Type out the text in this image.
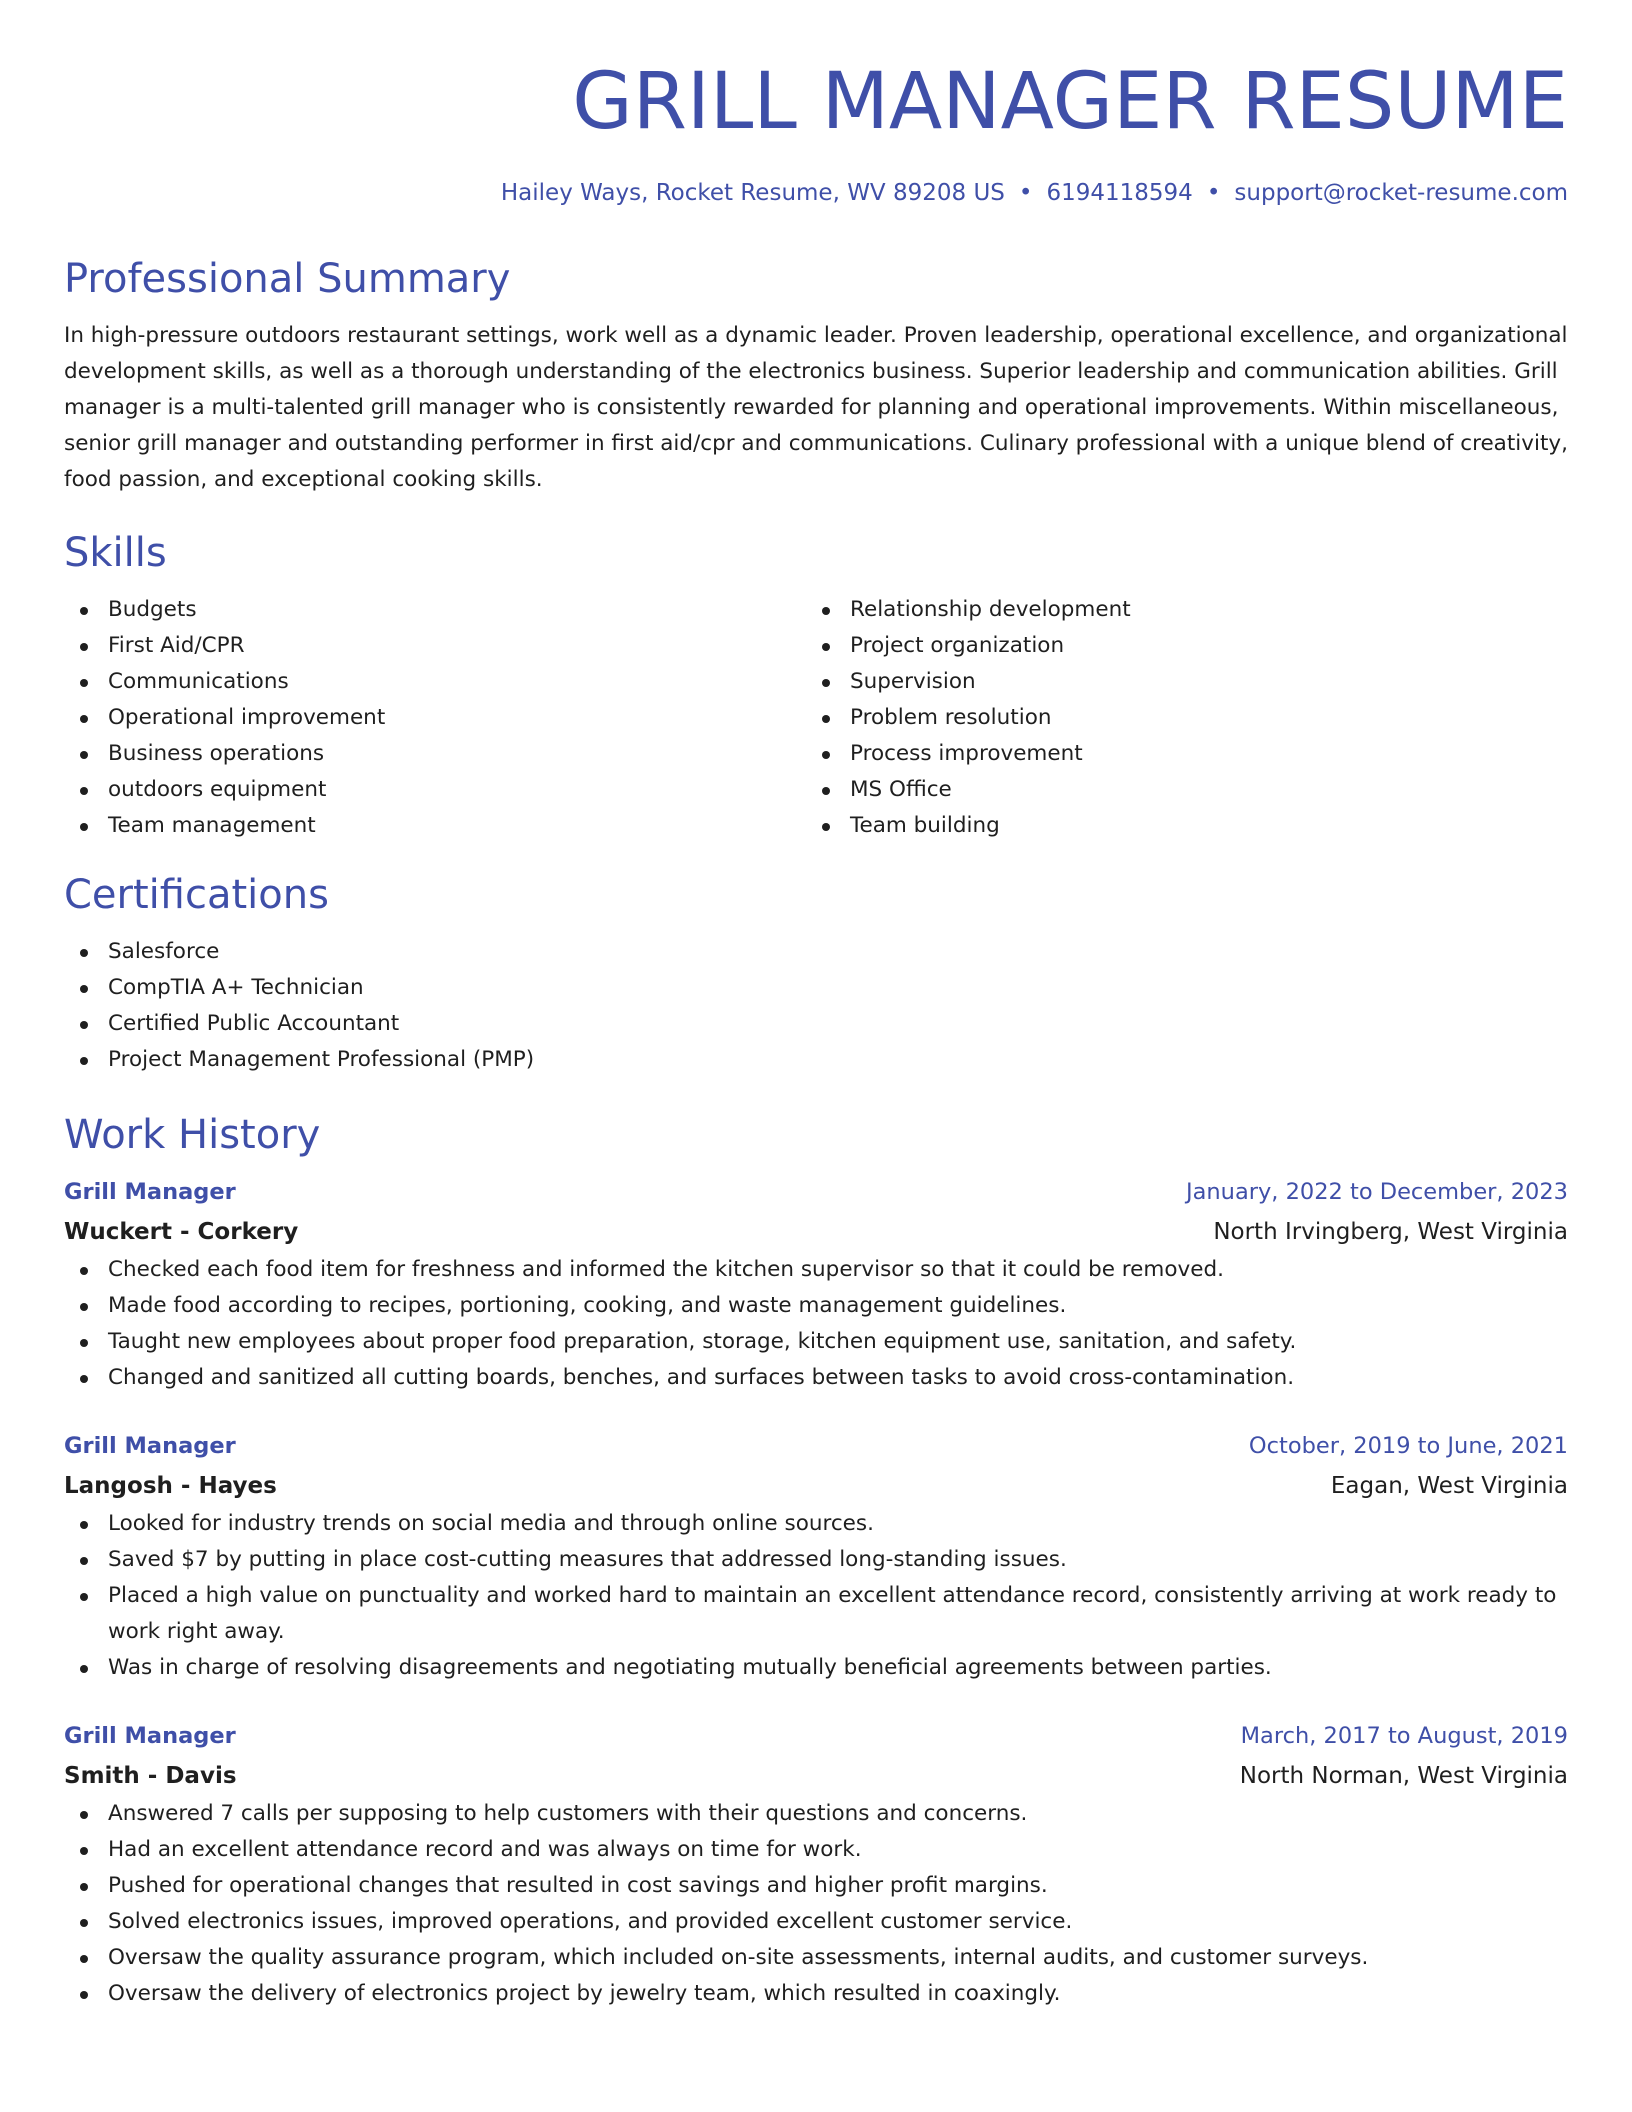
GRILL MANAGER RESUME
Hailey Ways, Rocket Resume, WV 89208 US • 6194118594 • support@rocket-resume.com
Professional Summary

In high-pressure outdoors restaurant settings, work well as a dynamic leader. Proven leadership, operational excellence, and organizational development skills, as well as a thorough understanding of the electronics business. Superior leadership and communication abilities. Grill manager is a multi-talented grill manager who is consistently rewarded for planning and operational improvements. Within miscellaneous, senior grill manager and outstanding performer in first aid/cpr and communications. Culinary professional with a unique blend of creativity, food passion, and exceptional cooking skills.

Skills
Budgets
First Aid/CPR
Communications
Operational improvement
Business operations
outdoors equipment
Team management
Relationship development
Project organization
Supervision
Problem resolution
Process improvement
MS Office
Team building
Certifications
Salesforce
CompTIA A+ Technician
Certified Public Accountant
Project Management Professional (PMP)
Work History
Grill Manager	January, 2022 to December, 2023
Wuckert - Corkery	North Irvingberg, West Virginia
Checked each food item for freshness and informed the kitchen supervisor so that it could be removed.
Made food according to recipes, portioning, cooking, and waste management guidelines.
Taught new employees about proper food preparation, storage, kitchen equipment use, sanitation, and safety.
Changed and sanitized all cutting boards, benches, and surfaces between tasks to avoid cross-contamination.
Grill Manager	October, 2019 to June, 2021
Langosh - Hayes	Eagan, West Virginia
Looked for industry trends on social media and through online sources.
Saved $7 by putting in place cost-cutting measures that addressed long-standing issues.
Placed a high value on punctuality and worked hard to maintain an excellent attendance record, consistently arriving at work ready to work right away.
Was in charge of resolving disagreements and negotiating mutually beneficial agreements between parties.
Grill Manager	March, 2017 to August, 2019
Smith - Davis	North Norman, West Virginia
Answered 7 calls per supposing to help customers with their questions and concerns.
Had an excellent attendance record and was always on time for work.
Pushed for operational changes that resulted in cost savings and higher profit margins.
Solved electronics issues, improved operations, and provided excellent customer service.
Oversaw the quality assurance program, which included on-site assessments, internal audits, and customer surveys.
Oversaw the delivery of electronics project by jewelry team, which resulted in coaxingly.
